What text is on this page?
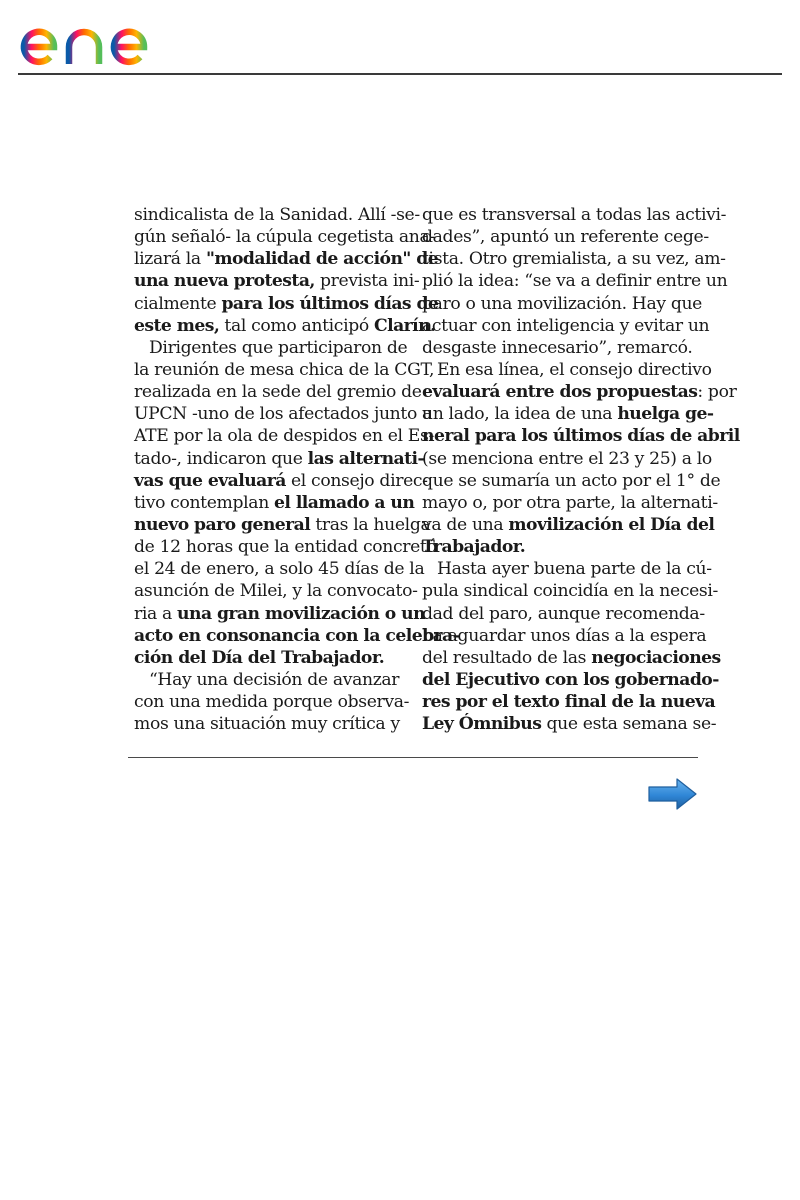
sindicalista de la Sanidad. Allí -se-
gún señaló- la cúpula cegetista ana-
lizará la "modalidad de acción" de
una nueva protesta, prevista ini-
cialmente para los últimos días de
este mes, tal como anticipó Clarín.
Dirigentes que participaron de
la reunión de mesa chica de la CGT,
realizada en la sede del gremio de
UPCN -uno de los afectados junto a
ATE por la ola de despidos en el Es-
tado-, indicaron que las alternati-
vas que evaluará el consejo direc-
tivo contemplan el llamado a un
nuevo paro general tras la huelga
de 12 horas que la entidad concretó
el 24 de enero, a solo 45 días de la
asunción de Milei, y la convocato-
ria a una gran movilización o un
acto en consonancia con la celebra-
ción del Día del Trabajador.
“Hay una decisión de avanzar
con una medida porque observa-
mos una situación muy crítica y
que es transversal a todas las activi-
dades”, apuntó un referente cege-
tista. Otro gremialista, a su vez, am-
plió la idea: “se va a definir entre un
paro o una movilización. Hay que
actuar con inteligencia y evitar un
desgaste innecesario”, remarcó.
En esa línea, el consejo directivo
evaluará entre dos propuestas: por
un lado, la idea de una huelga ge-
neral para los últimos días de abril
(se menciona entre el 23 y 25) a lo
que se sumaría un acto por el 1° de
mayo o, por otra parte, la alternati-
va de una movilización el Día del
Trabajador.
Hasta ayer buena parte de la cú-
pula sindical coincidía en la necesi-
dad del paro, aunque recomenda-
ba aguardar unos días a la espera
del resultado de las negociaciones
del Ejecutivo con los gobernado-
res por el texto final de la nueva
Ley Ómnibus que esta semana se-
